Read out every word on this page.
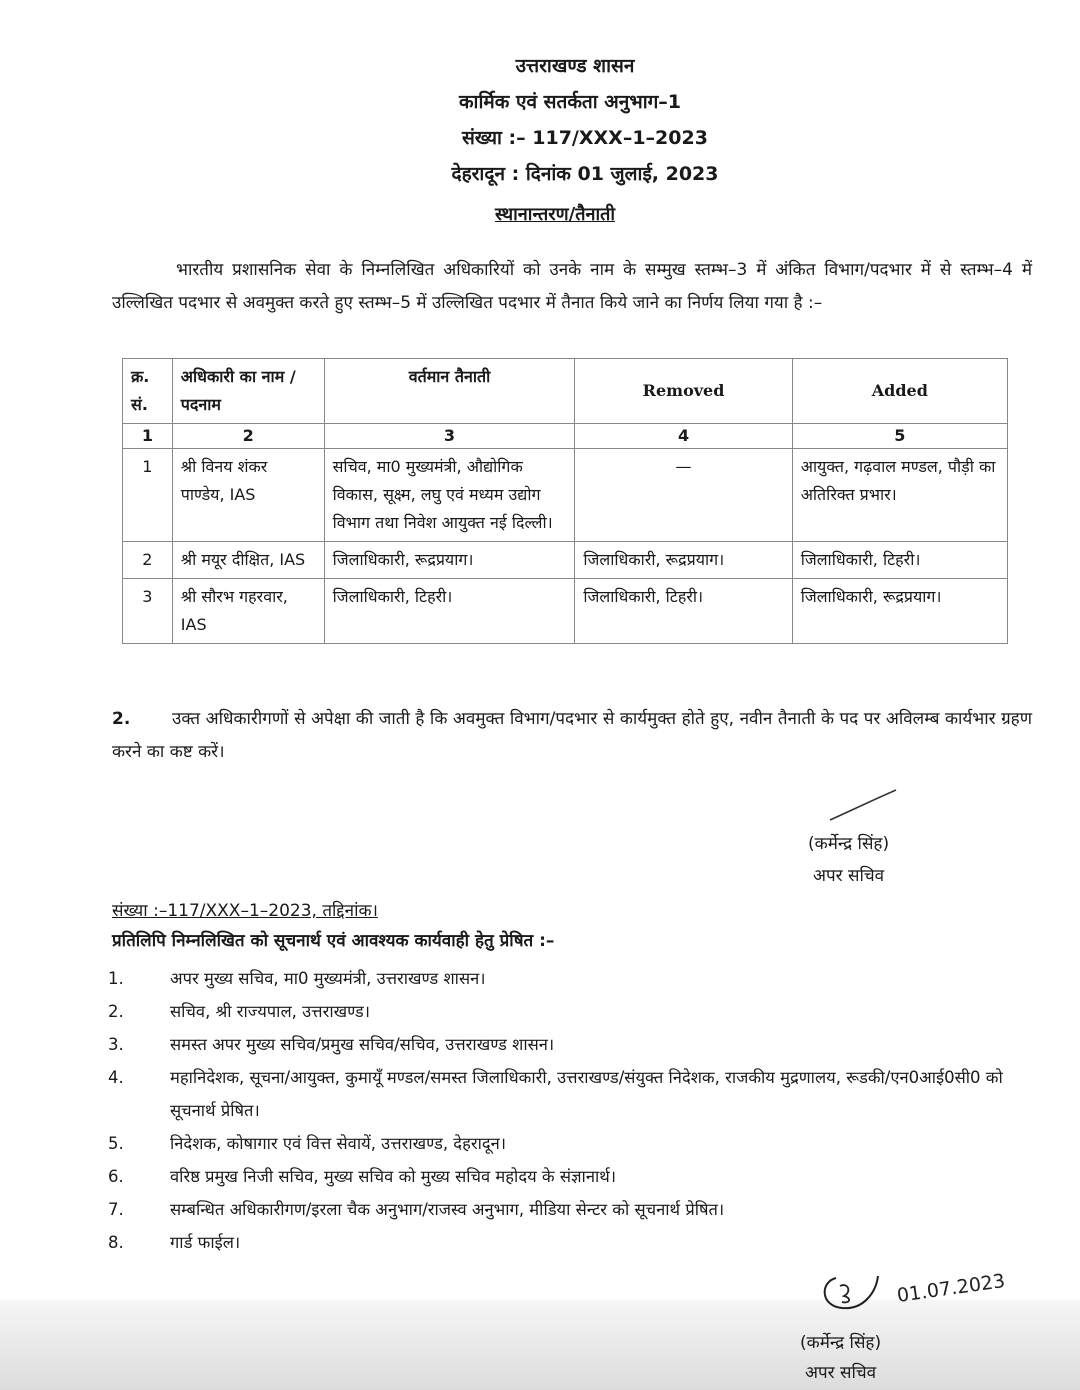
उत्तराखण्ड शासन
कार्मिक एवं सतर्कता अनुभाग–1
संख्या :– 117/XXX–1–2023
देहरादून : दिनांक 01 जुलाई, 2023
स्थानान्तरण/तैनाती
भारतीय प्रशासनिक सेवा के निम्नलिखित अधिकारियों को उनके नाम के सम्मुख स्तम्भ–3 में अंकित विभाग/पदभार में से स्तम्भ–4 में उल्लिखित पदभार से अवमुक्त करते हुए स्तम्भ–5 में उल्लिखित पदभार में तैनात किये जाने का निर्णय लिया गया है :–
क्र. सं.	अधिकारी का नाम /पदनाम	वर्तमान तैनाती	Removed	Added
1	2	3	4	5
1	श्री विनय शंकर पाण्डेय, IAS	सचिव, मा0 मुख्यमंत्री, औद्योगिक विकास, सूक्ष्म, लघु एवं मध्यम उद्योग विभाग तथा निवेश आयुक्त नई दिल्ली।	—	आयुक्त, गढ़वाल मण्डल, पौड़ी का अतिरिक्त प्रभार।
2	श्री मयूर दीक्षित, IAS	जिलाधिकारी, रूद्रप्रयाग।	जिलाधिकारी, रूद्रप्रयाग।	जिलाधिकारी, टिहरी।
3	श्री सौरभ गहरवार, IAS	जिलाधिकारी, टिहरी।	जिलाधिकारी, टिहरी।	जिलाधिकारी, रूद्रप्रयाग।
2. उक्त अधिकारीगणों से अपेक्षा की जाती है कि अवमुक्त विभाग/पदभार से कार्यमुक्त होते हुए, नवीन तैनाती के पद पर अविलम्ब कार्यभार ग्रहण करने का कष्ट करें।
(कर्मेन्द्र सिंह)
अपर सचिव
संख्या :–117/XXX–1–2023, तद्दिनांक।
प्रतिलिपि निम्नलिखित को सूचनार्थ एवं आवश्यक कार्यवाही हेतु प्रेषित :–
1.	अपर मुख्य सचिव, मा0 मुख्यमंत्री, उत्तराखण्ड शासन।
2.	सचिव, श्री राज्यपाल, उत्तराखण्ड।
3.	समस्त अपर मुख्य सचिव/प्रमुख सचिव/सचिव, उत्तराखण्ड शासन।
4.	महानिदेशक, सूचना/आयुक्त, कुमायूँ मण्डल/समस्त जिलाधिकारी, उत्तराखण्ड/संयुक्त निदेशक, राजकीय मुद्रणालय, रूडकी/एन0आई0सी0 को सूचनार्थ प्रेषित।
5.	निदेशक, कोषागार एवं वित्त सेवायें, उत्तराखण्ड, देहरादून।
6.	वरिष्ठ प्रमुख निजी सचिव, मुख्य सचिव को मुख्य सचिव महोदय के संज्ञानार्थ।
7.	सम्बन्धित अधिकारीगण/इरला चैक अनुभाग/राजस्व अनुभाग, मीडिया सेन्टर को सूचनार्थ प्रेषित।
8.	गार्ड फाईल।
01.07.2023
(कर्मेन्द्र सिंह)
अपर सचिव
